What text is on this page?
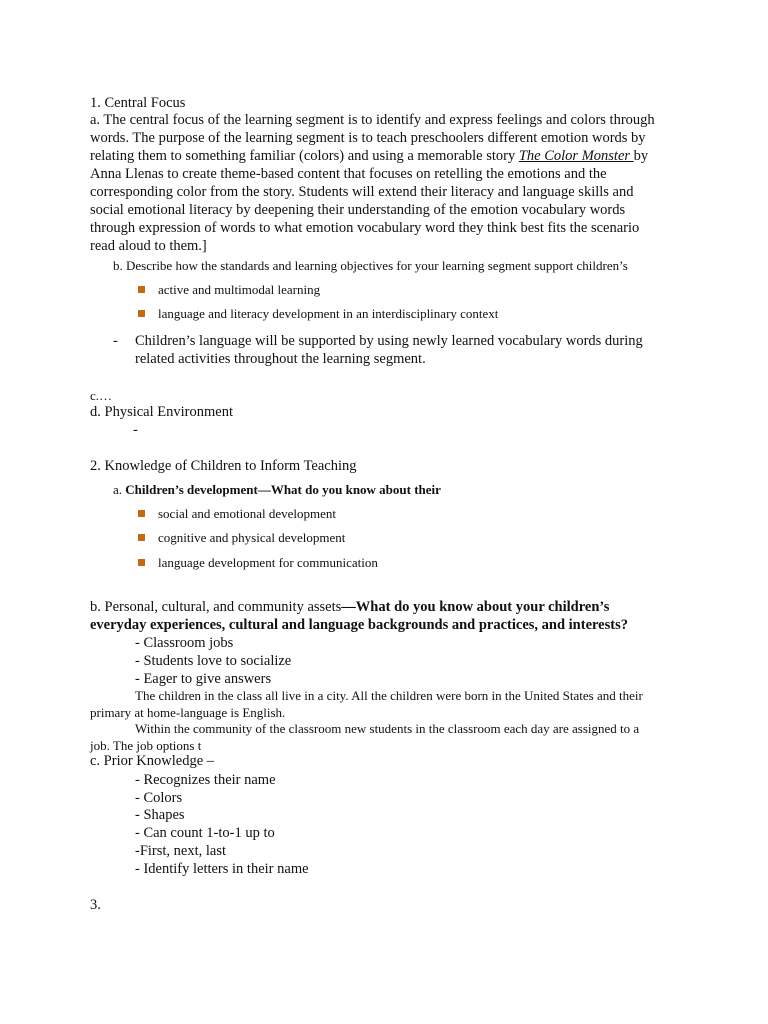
1. Central Focus
a. The central focus of the learning segment is to identify and express feelings and colors through
words. The purpose of the learning segment is to teach preschoolers different emotion words by
relating them to something familiar (colors) and using a memorable story The Color Monster by
Anna Llenas to create theme-based content that focuses on retelling the emotions and the
corresponding color from the story. Students will extend their literacy and language skills and
social emotional literacy by deepening their understanding of the emotion vocabulary words
through expression of words to what emotion vocabulary word they think best fits the scenario
read aloud to them.]
b. Describe how the standards and learning objectives for your learning segment support children’s
active and multimodal learning
language and literacy development in an interdisciplinary context
- Children’s language will be supported by using newly learned vocabulary words during
related activities throughout the learning segment.
c.…
d. Physical Environment
-
2. Knowledge of Children to Inform Teaching
a. Children’s development—What do you know about their
social and emotional development
cognitive and physical development
language development for communication
b. Personal, cultural, and community assets—What do you know about your children’s
everyday experiences, cultural and language backgrounds and practices, and interests?
- Classroom jobs
- Students love to socialize
- Eager to give answers
The children in the class all live in a city. All the children were born in the United States and their
primary at home-language is English.
Within the community of the classroom new students in the classroom each day are assigned to a
job. The job options t
c. Prior Knowledge –
- Recognizes their name
- Colors
- Shapes
- Can count 1-to-1 up to
-First, next, last
- Identify letters in their name
3.
